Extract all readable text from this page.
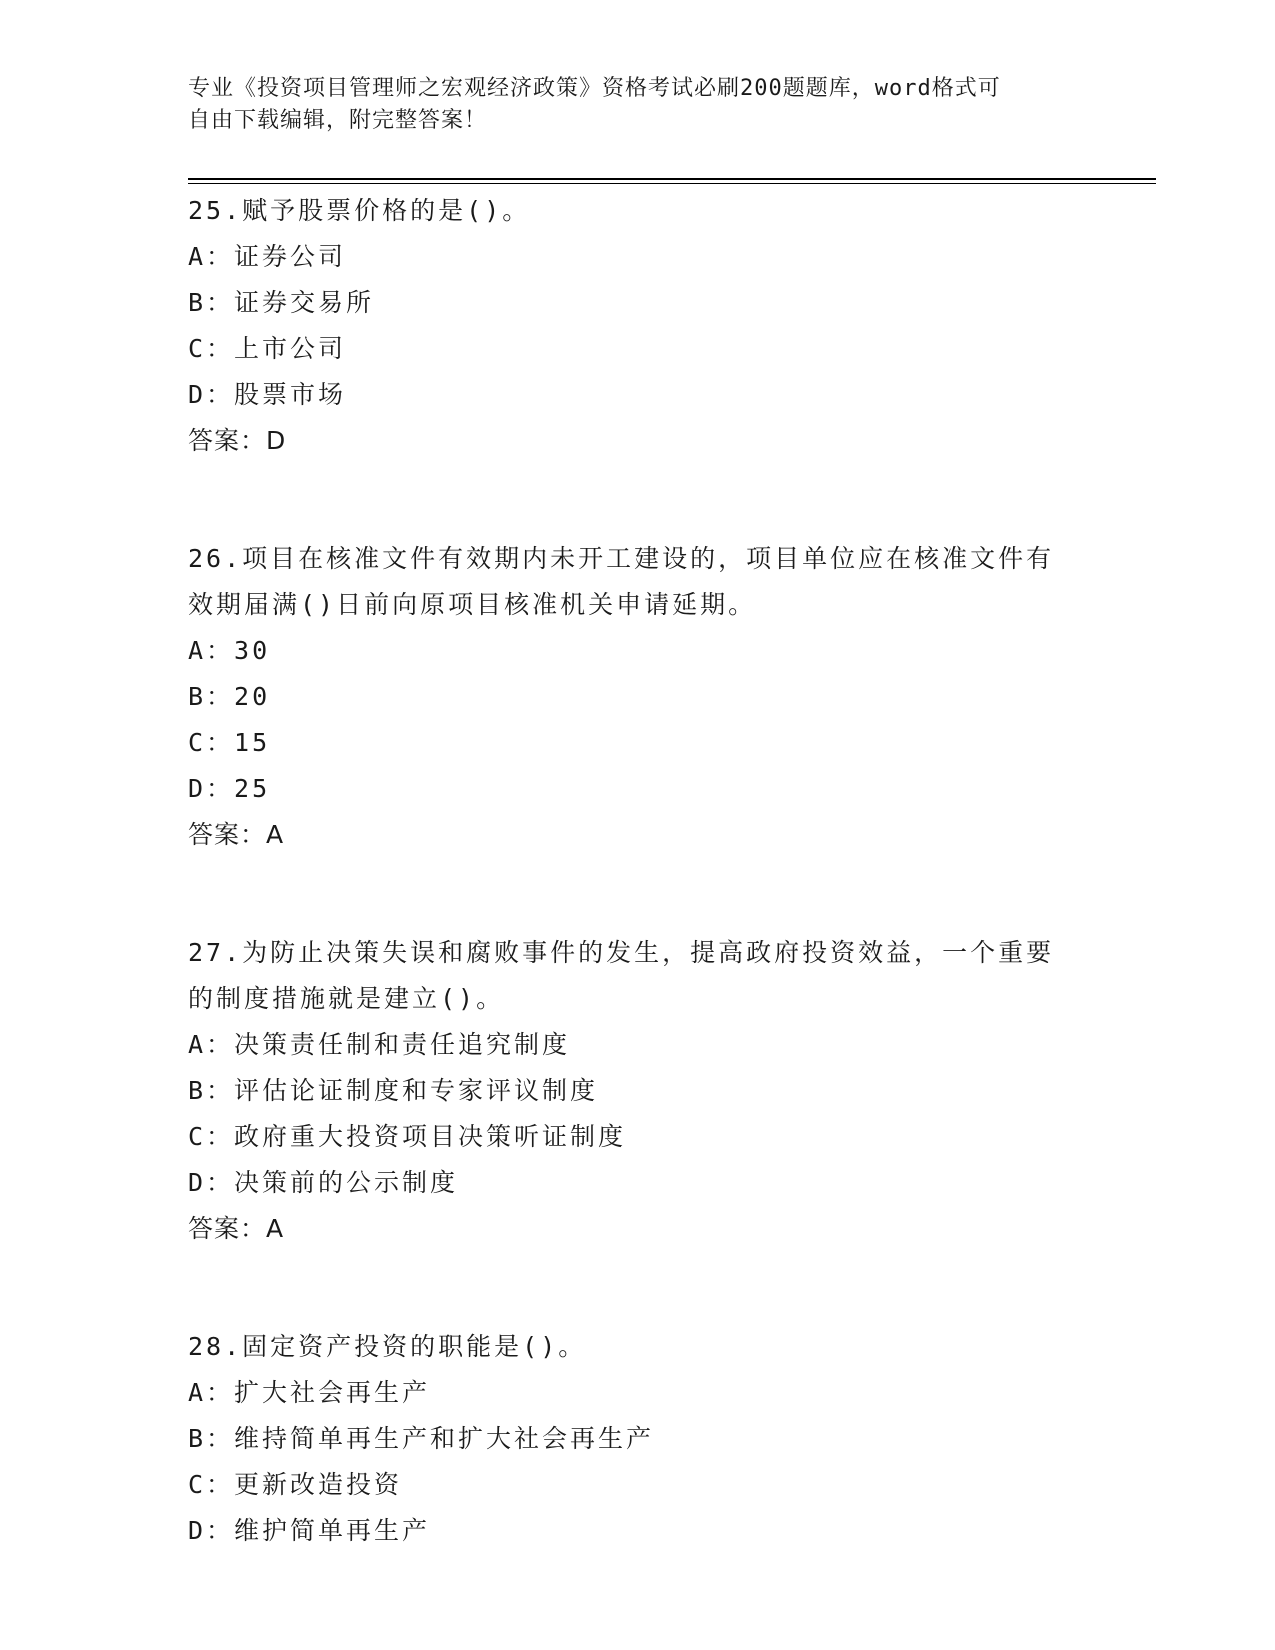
专业《投资项目管理师之宏观经济政策》资格考试必刷200题题库，word格式可
自由下载编辑，附完整答案！
25.赋予股票价格的是()。
A：证券公司
B：证券交易所
C：上市公司
D：股票市场
答案：D
26.项目在核准文件有效期内未开工建设的，项目单位应在核准文件有
效期届满()日前向原项目核准机关申请延期。
A：30
B：20
C：15
D：25
答案：A
27.为防止决策失误和腐败事件的发生，提高政府投资效益，一个重要
的制度措施就是建立()。
A：决策责任制和责任追究制度
B：评估论证制度和专家评议制度
C：政府重大投资项目决策听证制度
D：决策前的公示制度
答案：A
28.固定资产投资的职能是()。
A：扩大社会再生产
B：维持简单再生产和扩大社会再生产
C：更新改造投资
D：维护简单再生产
